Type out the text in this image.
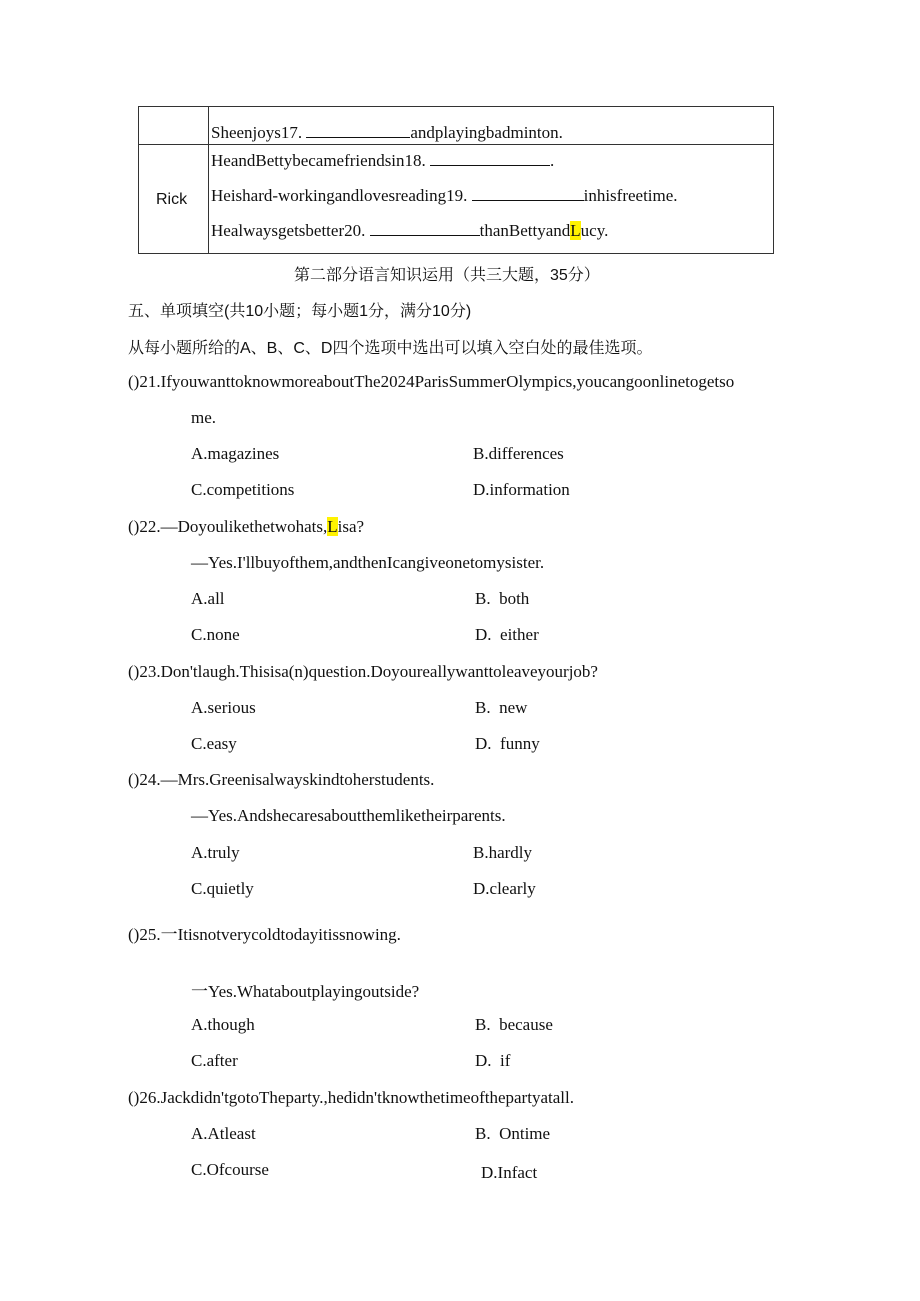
Sheenjoys17.	andplayingbadminton.
Rick
HeandBettybecamefriendsin18.	.
Heishard-workingandlovesreading19.	inhisfreetime.
Healwaysgetsbetter20.	thanBettyandLucy.
第二部分语言知识运用（共三大题，35分）
五、单项填空(共10小题；每小题1分，满分10分)
从每小题所给的A、B、C、D四个选项中选出可以填入空白处的最佳选项。
()21.IfyouwanttoknowmoreaboutThe2024ParisSummerOlympics,youcangoonlinetogetso
me.
A.magazines	B.differences
C.competitions	D.information
()22.—Doyoulikethetwohats,Lisa?
—Yes.I'llbuyofthem,andthenIcangiveonetomysister.
A.all	B.  both
C.none	D.  either
()23.Don'tlaugh.Thisisa(n)question.Doyoureallywanttoleaveyourjob?
A.serious	B.  new
C.easy	D.  funny
()24.—Mrs.Greenisalwayskindtoherstudents.
—Yes.Andshecaresaboutthemliketheirparents.
A.truly	B.hardly
C.quietly	D.clearly
()25.一Itisnotverycoldtodayitissnowing.
一Yes.Whataboutplayingoutside?
A.though	B.  because
C.after	D.  if
()26.Jackdidn'tgotoTheparty.,hedidn'tknowthetimeofthepartyatall.
A.Atleast	B.  Ontime
C.Ofcourse	D.Infact
